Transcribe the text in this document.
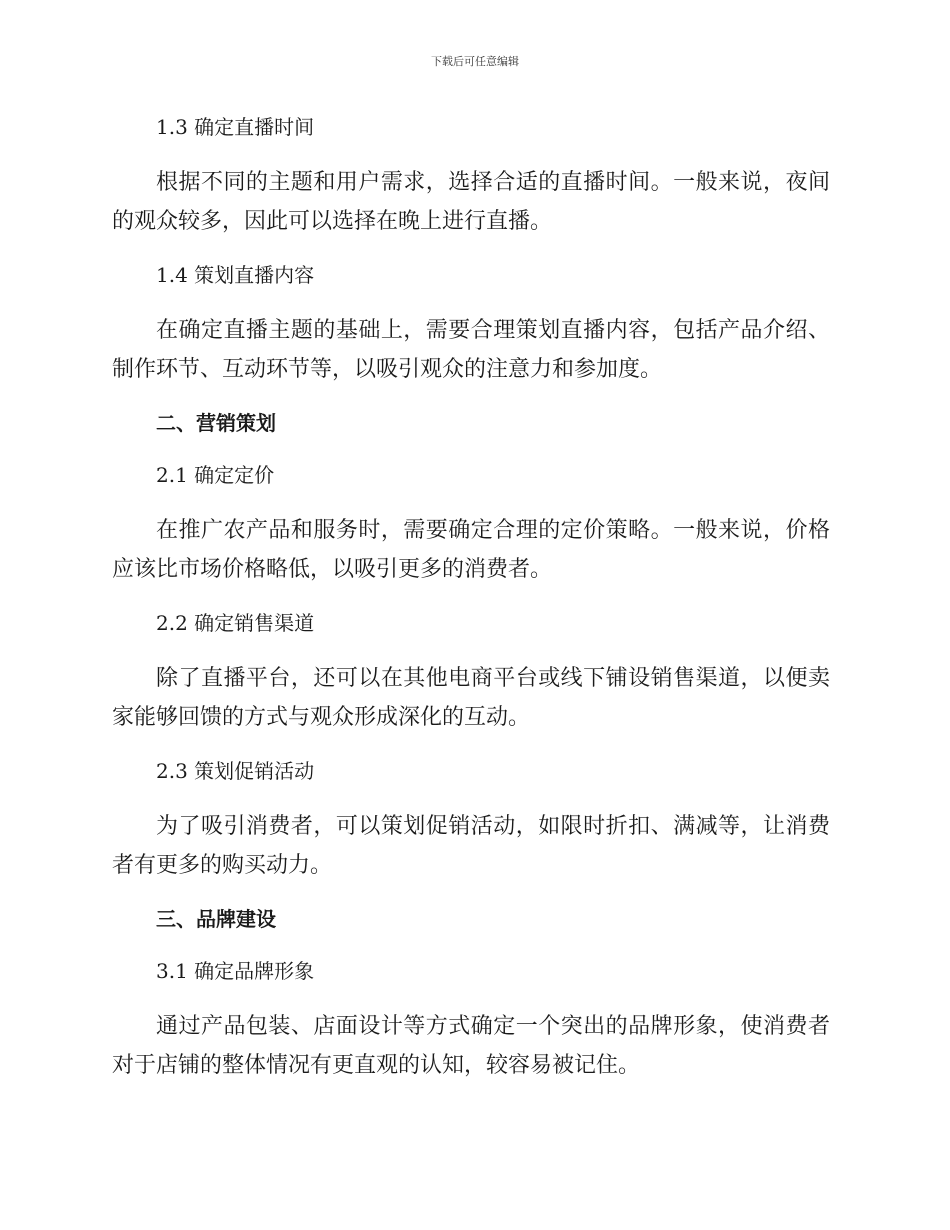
下载后可任意编辑
1.3 确定直播时间

根据不同的主题和用户需求，选择合适的直播时间。一般来说，夜间的观众较多，因此可以选择在晚上进行直播。

1.4 策划直播内容

在确定直播主题的基础上，需要合理策划直播内容，包括产品介绍、制作环节、互动环节等，以吸引观众的注意力和参加度。

二、营销策划
2.1 确定定价

在推广农产品和服务时，需要确定合理的定价策略。一般来说，价格应该比市场价格略低，以吸引更多的消费者。

2.2 确定销售渠道

除了直播平台，还可以在其他电商平台或线下铺设销售渠道，以便卖家能够回馈的方式与观众形成深化的互动。

2.3 策划促销活动

为了吸引消费者，可以策划促销活动，如限时折扣、满减等，让消费者有更多的购买动力。

三、品牌建设
3.1 确定品牌形象

通过产品包装、店面设计等方式确定一个突出的品牌形象，使消费者对于店铺的整体情况有更直观的认知，较容易被记住。
